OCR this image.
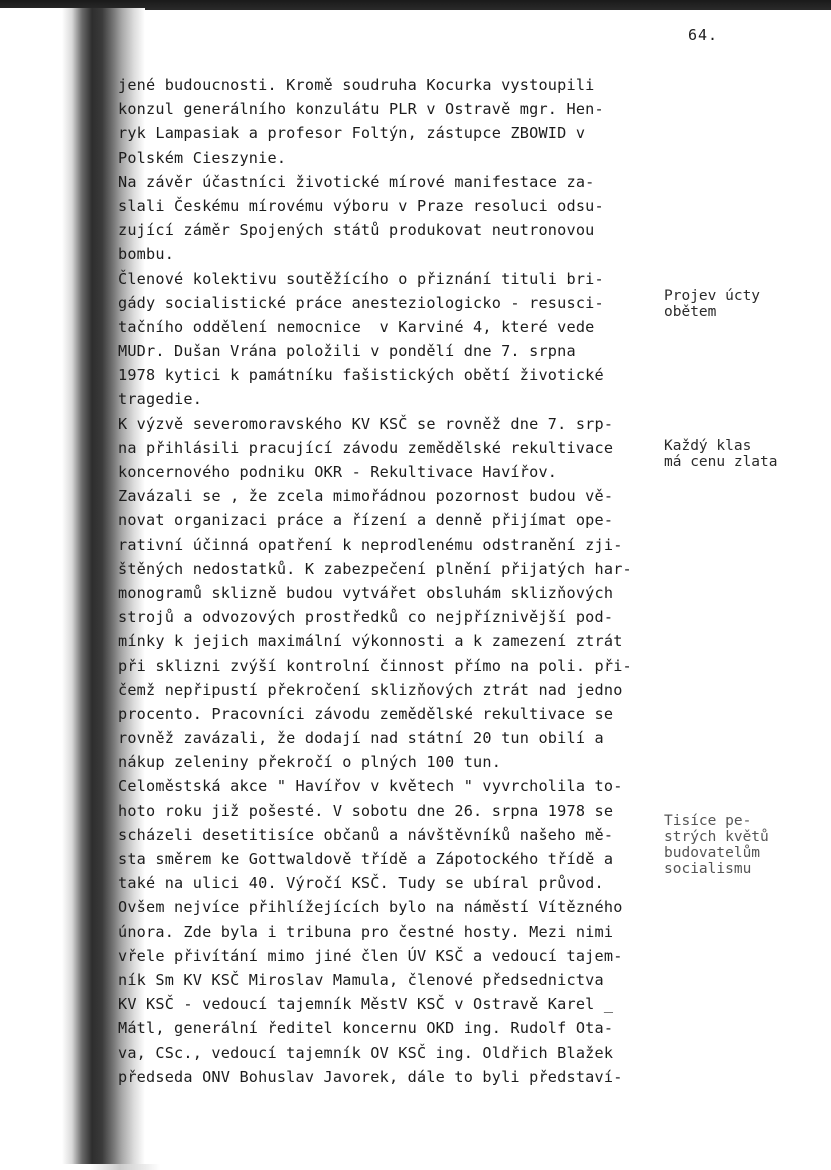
64.
jené budoucnosti. Kromě soudruha Kocurka vystoupili
konzul generálního konzulátu PLR v Ostravě mgr. Hen-
ryk Lampasiak a profesor Foltýn, zástupce ZBOWID v
Polském Cieszynie.
Na závěr účastníci životické mírové manifestace za-
slali Českému mírovému výboru v Praze resoluci odsu-
zující záměr Spojených států produkovat neutronovou
bombu.
Členové kolektivu soutěžícího o přiznání tituli bri-
gády socialistické práce anesteziologicko - resusci-
tačního oddělení nemocnice  v Karviné 4, které vede
MUDr. Dušan Vrána položili v pondělí dne 7. srpna
1978 kytici k památníku fašistických obětí životické
tragedie.
K výzvě severomoravského KV KSČ se rovněž dne 7. srp-
na přihlásili pracující závodu zemědělské rekultivace
koncernového podniku OKR - Rekultivace Havířov.
Zavázali se , že zcela mimořádnou pozornost budou vě-
novat organizaci práce a řízení a denně přijímat ope-
rativní účinná opatření k neprodlenému odstranění zji-
štěných nedostatků. K zabezpečení plnění přijatých har-
monogramů sklizně budou vytvářet obsluhám sklizňových
strojů a odvozových prostředků co nejpříznivější pod-
mínky k jejich maximální výkonnosti a k zamezení ztrát
při sklizni zvýší kontrolní činnost přímo na poli. při-
čemž nepřipustí překročení sklizňových ztrát nad jedno
procento. Pracovníci závodu zemědělské rekultivace se
rovněž zavázali, že dodají nad státní 20 tun obilí a
nákup zeleniny překročí o plných 100 tun.
Celoměstská akce " Havířov v květech " vyvrcholila to-
hoto roku již pošesté. V sobotu dne 26. srpna 1978 se
scházeli desetitisíce občanů a návštěvníků našeho mě-
sta směrem ke Gottwaldově třídě a Zápotockého třídě a
také na ulici 40. Výročí KSČ. Tudy se ubíral průvod.
Ovšem nejvíce přihlížejících bylo na náměstí Vítězného
února. Zde byla i tribuna pro čestné hosty. Mezi nimi
vřele přivítání mimo jiné člen ÚV KSČ a vedoucí tajem-
ník Sm KV KSČ Miroslav Mamula, členové předsednictva
KV KSČ - vedoucí tajemník MěstV KSČ v Ostravě Karel _
Mátl, generální ředitel koncernu OKD ing. Rudolf Ota-
va, CSc., vedoucí tajemník OV KSČ ing. Oldřich Blažek
předseda ONV Bohuslav Javorek, dále to byli představí-
Projev úcty
obětem
Každý klas
má cenu zlata
Tisíce pe-
strých květů
budovatelům
socialismu
